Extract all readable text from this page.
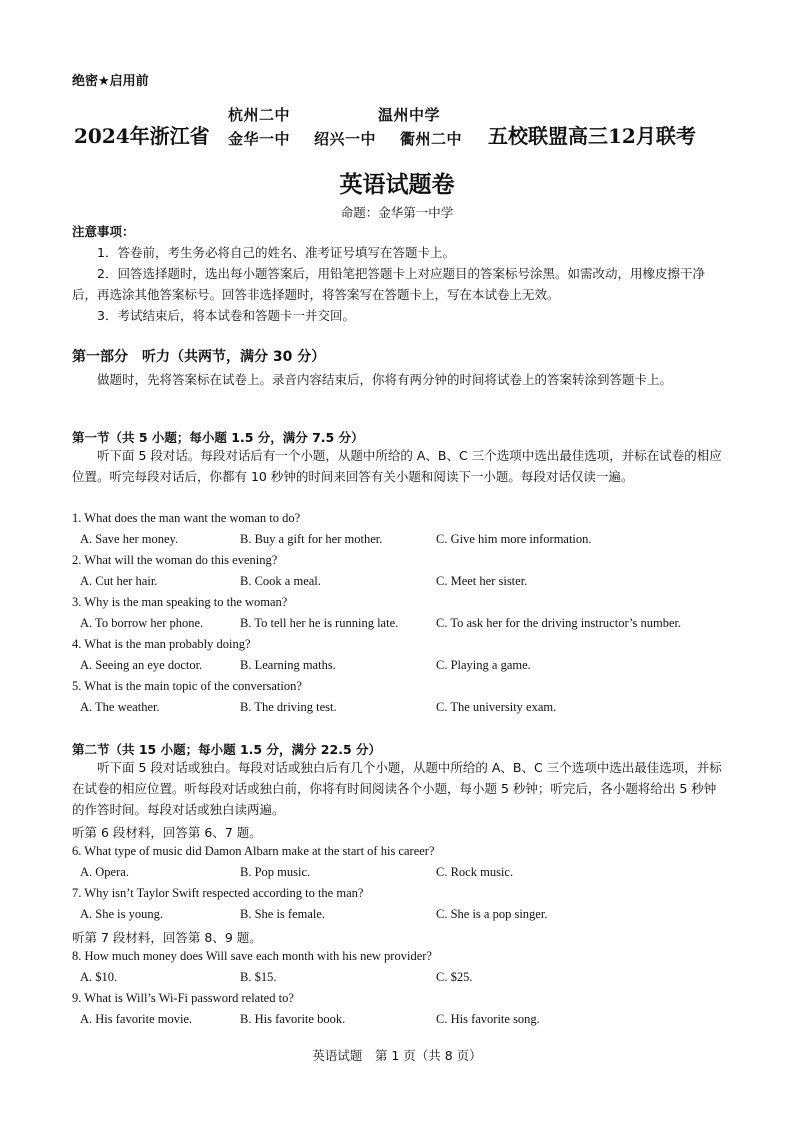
绝密★启用前
2024年浙江省
杭州二中	温州中学
金华一中 绍兴一中 衢州二中 五校联盟高三12月联考
英语试题卷
命题：金华第一中学
注意事项：
1．答卷前，考生务必将自己的姓名、准考证号填写在答题卡上。
2．回答选择题时，选出每小题答案后，用铅笔把答题卡上对应题目的答案标号涂黑。如需改动，用橡皮擦干净后，再选涂其他答案标号。回答非选择题时，将答案写在答题卡上，写在本试卷上无效。
3．考试结束后，将本试卷和答题卡一并交回。
第一部分　听力（共两节，满分 30 分）
做题时，先将答案标在试卷上。录音内容结束后，你将有两分钟的时间将试卷上的答案转涂到答题卡上。
第一节（共 5 小题；每小题 1.5 分，满分 7.5 分）
听下面 5 段对话。每段对话后有一个小题，从题中所给的 A、B、C 三个选项中选出最佳选项，并标在试卷的相应位置。听完每段对话后，你都有 10 秒钟的时间来回答有关小题和阅读下一小题。每段对话仅读一遍。
1. What does the man want the woman to do?
A. Save her money.	B. Buy a gift for her mother.	C. Give him more information.
2. What will the woman do this evening?
A. Cut her hair.	B. Cook a meal.	C. Meet her sister.
3. Why is the man speaking to the woman?
A. To borrow her phone.	B. To tell her he is running late.	C. To ask her for the driving instructor’s number.
4. What is the man probably doing?
A. Seeing an eye doctor.	B. Learning maths.	C. Playing a game.
5. What is the main topic of the conversation?
A. The weather.	B. The driving test.	C. The university exam.
第二节（共 15 小题；每小题 1.5 分，满分 22.5 分）
听下面 5 段对话或独白。每段对话或独白后有几个小题，从题中所给的 A、B、C 三个选项中选出最佳选项，并标在试卷的相应位置。听每段对话或独白前，你将有时间阅读各个小题，每小题 5 秒钟；听完后，各小题将给出 5 秒钟的作答时间。每段对话或独白读两遍。
听第 6 段材料，回答第 6、7 题。
6. What type of music did Damon Albarn make at the start of his career?
A. Opera.	B. Pop music.	C. Rock music.
7. Why isn’t Taylor Swift respected according to the man?
A. She is young.	B. She is female.	C. She is a pop singer.
听第 7 段材料，回答第 8、9 题。
8. How much money does Will save each month with his new provider?
A. $10.	B. $15.	C. $25.
9. What is Will’s Wi-Fi password related to?
A. His favorite movie.	B. His favorite book.	C. His favorite song.
英语试题　第 1 页（共 8 页）
